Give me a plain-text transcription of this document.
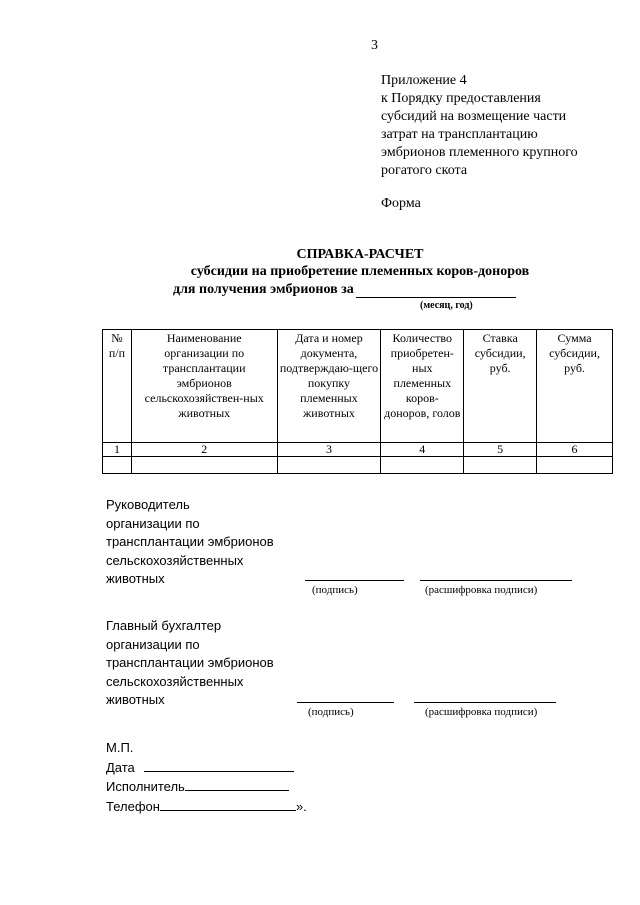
3
Приложение 4
к Порядку предоставления
субсидий на возмещение части
затрат на трансплантацию
эмбрионов племенного крупного
рогатого скота
Форма
СПРАВКА-РАСЧЕТ
субсидии на приобретение племенных коров-доноров
для получения эмбрионов за
(месяц, год)
№ п/п	Наименование организации по трансплантации эмбрионов сельскохозяйствен-ных животных	Дата и номер документа, подтверждаю-щего покупку племенных животных	Количество приобретен-ных племенных коров-доноров, голов	Ставка субсидии, руб.	Сумма субсидии, руб.
1	2	3	4	5	6

Руководитель
организации по
трансплантации эмбрионов
сельскохозяйственных
животных
(подпись)	(расшифровка подписи)
Главный бухгалтер
организации по
трансплантации эмбрионов
сельскохозяйственных
животных
(подпись)	(расшифровка подписи)
М.П.
Дата
Исполнитель
Телефон	».
